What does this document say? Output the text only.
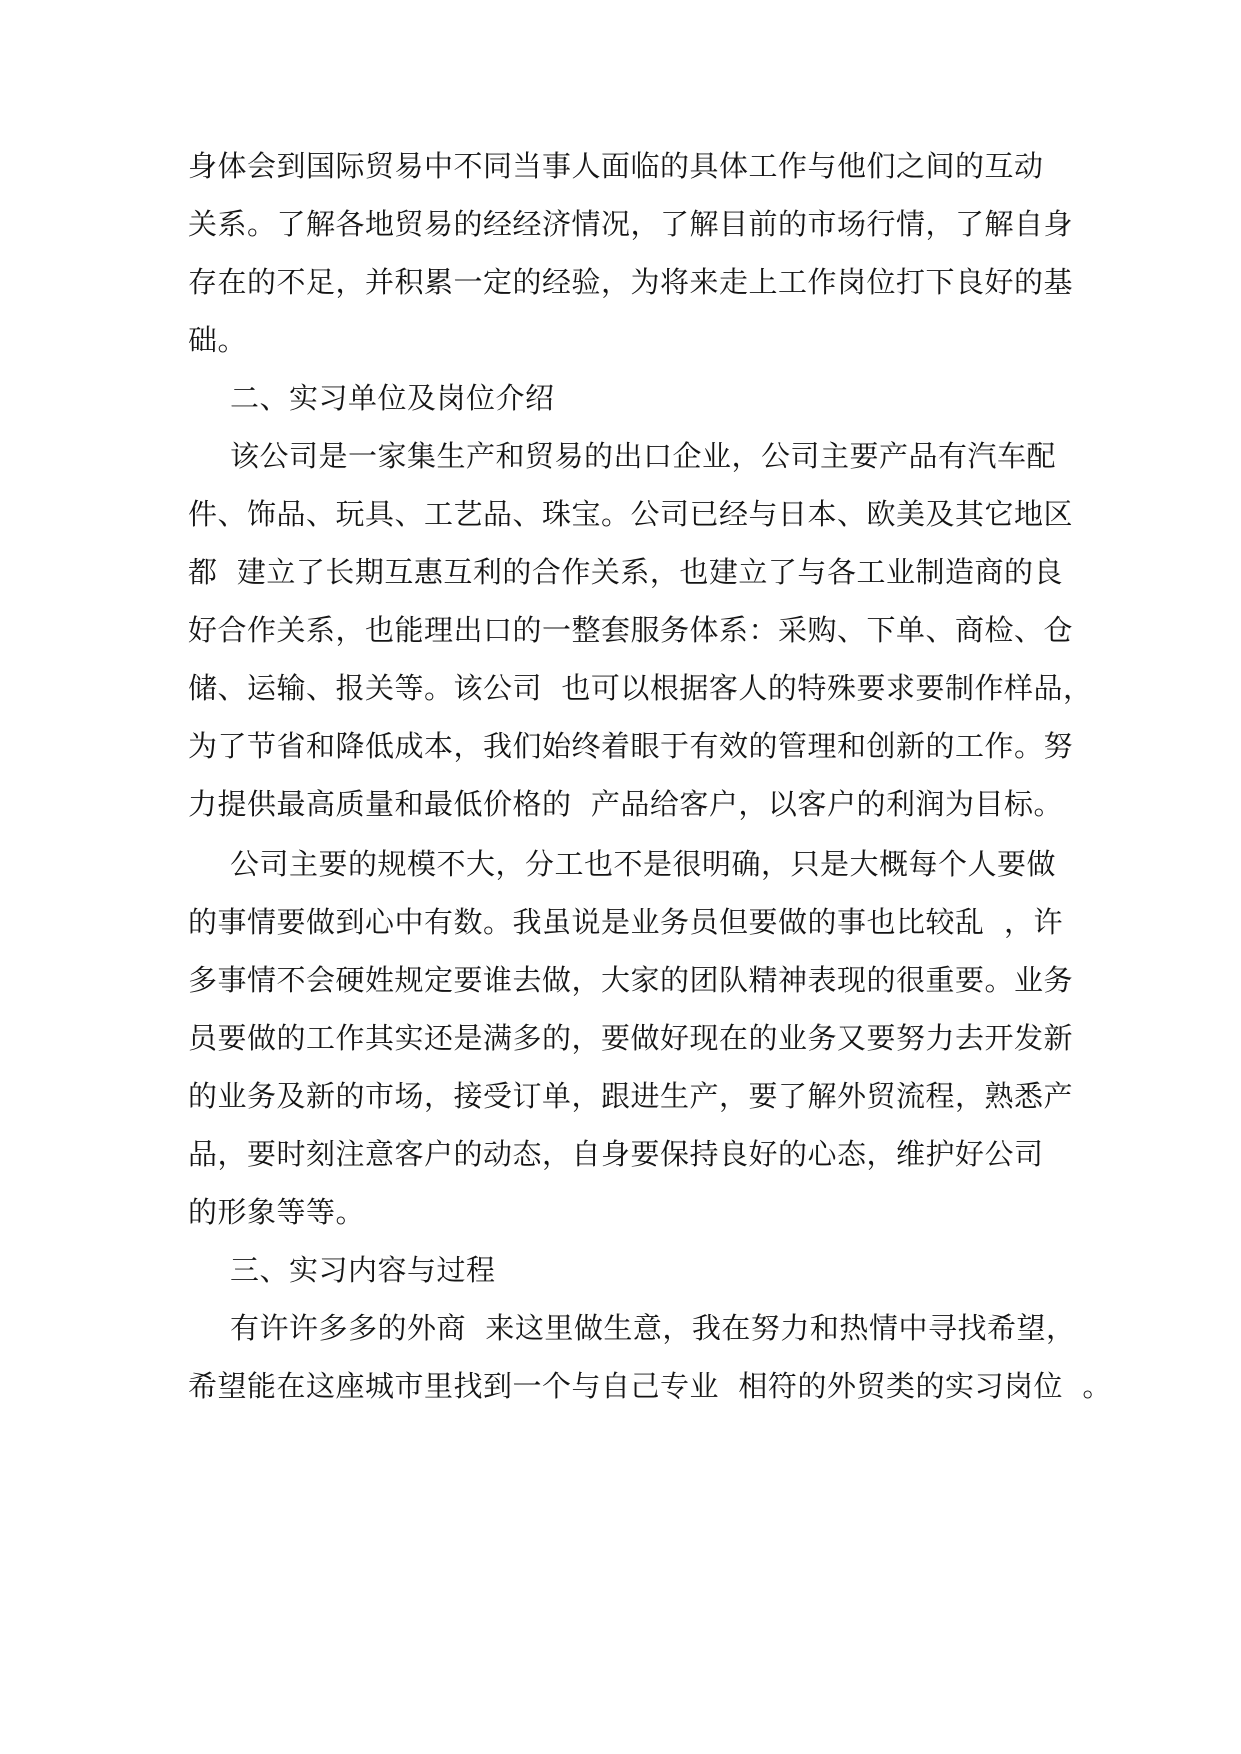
身体会到国际贸易中不同当事人面临的具体工作与他们之间的互动
关系。了解各地贸易的经经济情况，了解目前的市场行情，了解自身
存在的不足，并积累一定的经验，为将来走上工作岗位打下良好的基
础。
二、实习单位及岗位介绍
该公司是一家集生产和贸易的出口企业，公司主要产品有汽车配
件、饰品、玩具、工艺品、珠宝。公司已经与日本、欧美及其它地区
都  建立了长期互惠互利的合作关系，也建立了与各工业制造商的良
好合作关系，也能理出口的一整套服务体系：采购、下单、商检、仓
储、运输、报关等。该公司  也可以根据客人的特殊要求要制作样品，
为了节省和降低成本，我们始终着眼于有效的管理和创新的工作。努
力提供最高质量和最低价格的  产品给客户，以客户的利润为目标。
公司主要的规模不大，分工也不是很明确，只是大概每个人要做
的事情要做到心中有数。我虽说是业务员但要做的事也比较乱  ，许
多事情不会硬姓规定要谁去做，大家的团队精神表现的很重要。业务
员要做的工作其实还是满多的，要做好现在的业务又要努力去开发新
的业务及新的市场，接受订单，跟进生产，要了解外贸流程，熟悉产
品，要时刻注意客户的动态，自身要保持良好的心态，维护好公司
的形象等等。
三、实习内容与过程
有许许多多的外商  来这里做生意，我在努力和热情中寻找希望，
希望能在这座城市里找到一个与自己专业  相符的外贸类的实习岗位  。
